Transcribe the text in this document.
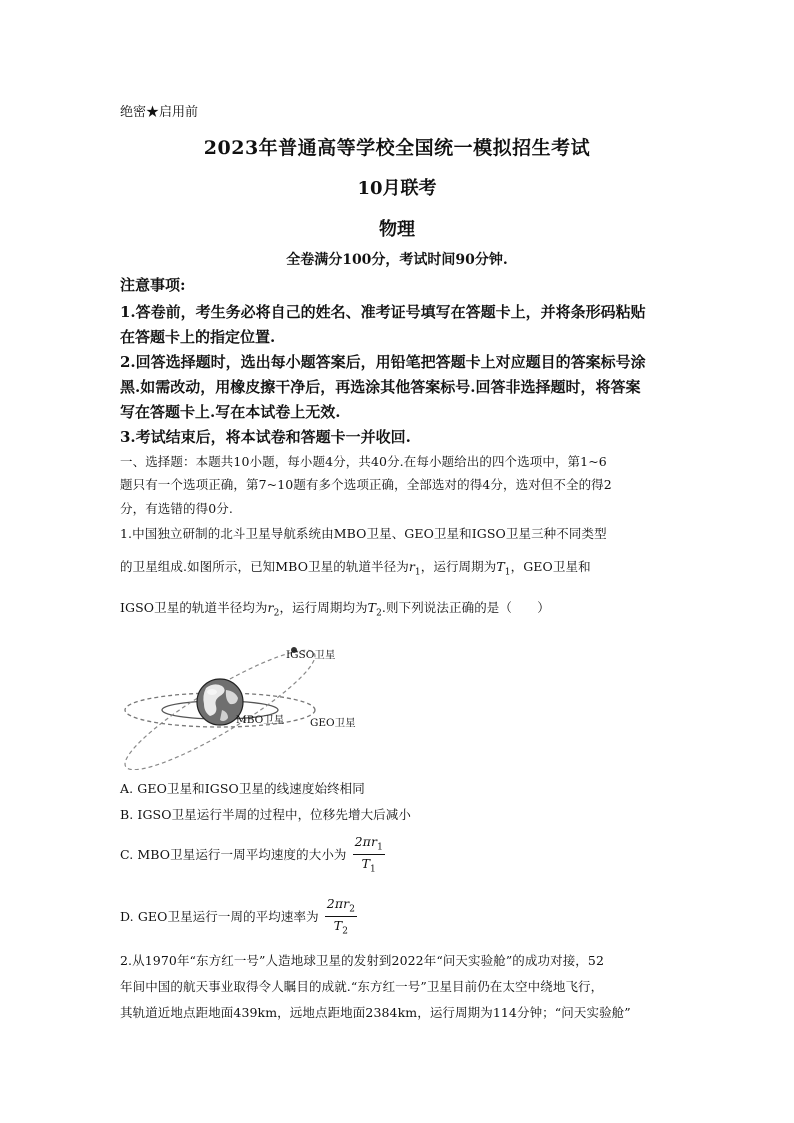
绝密★启用前
2023年普通高等学校全国统一模拟招生考试
10月联考
物理
全卷满分100分，考试时间90分钟.
注意事项:
1.答卷前，考生务必将自己的姓名、准考证号填写在答题卡上，并将条形码粘贴
在答题卡上的指定位置.
2.回答选择题时，选出每小题答案后，用铅笔把答题卡上对应题目的答案标号涂
黑.如需改动，用橡皮擦干净后，再选涂其他答案标号.回答非选择题时，将答案
写在答题卡上.写在本试卷上无效.
3.考试结束后，将本试卷和答题卡一并收回.
一、选择题：本题共10小题，每小题4分，共40分.在每小题给出的四个选项中，第1~6
题只有一个选项正确，第7~10题有多个选项正确，全部选对的得4分，选对但不全的得2
分，有选错的得0分.
1.中国独立研制的北斗卫星导航系统由MBO卫星、GEO卫星和IGSO卫星三种不同类型
的卫星组成.如图所示，已知MBO卫星的轨道半径为$r_1$，运行周期为$T_1$，GEO卫星和
IGSO卫星的轨道半径均为$r_2$，运行周期均为$T_2$.则下列说法正确的是（　　）
IGSO卫星
MBO卫星 GEO卫星
A. GEO卫星和IGSO卫星的线速度始终相同
B. IGSO卫星运行半周的过程中，位移先增大后减小
C. MBO卫星运行一周平均速度的大小为 $\frac{2\pi r_1}{T_1}$
D. GEO卫星运行一周的平均速率为 $\frac{2\pi r_2}{T_2}$
2.从1970年“东方红一号”人造地球卫星的发射到2022年“问天实验舱”的成功对接，52
年间中国的航天事业取得令人瞩目的成就.“东方红一号”卫星目前仍在太空中绕地飞行，
其轨道近地点距地面439km，远地点距地面2384km，运行周期为114分钟；“问天实验舱”
